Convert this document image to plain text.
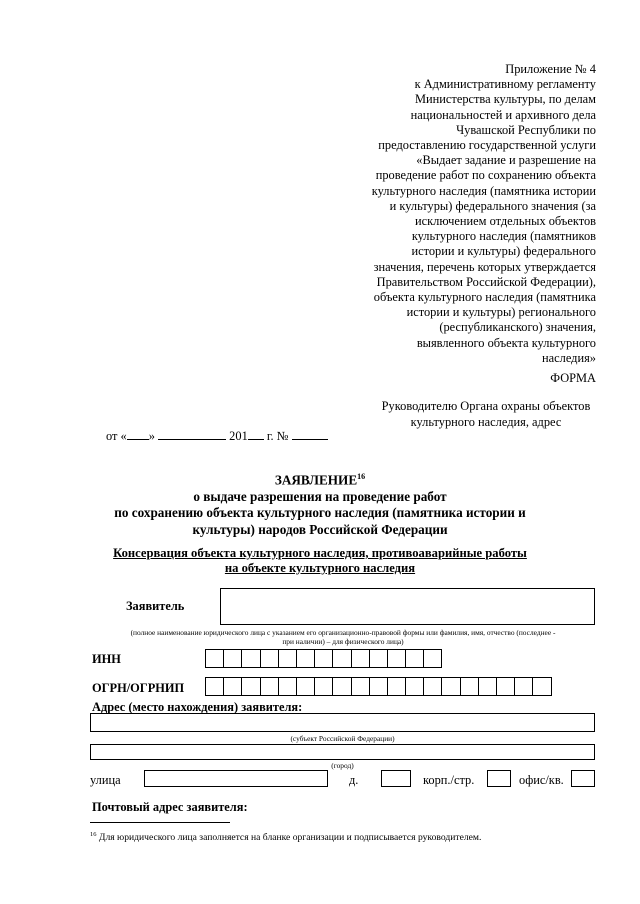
Приложение № 4

к Административному регламенту

Министерства культуры, по делам

национальностей и архивного дела

Чувашской Республики по

предоставлению государственной услуги

«Выдает задание и разрешение на

проведение работ по сохранению объекта

культурного наследия (памятника истории

и культуры) федерального значения (за

исключением отдельных объектов

культурного наследия (памятников

истории и культуры) федерального

значения, перечень которых утверждается

Правительством Российской Федерации),

объекта культурного наследия (памятника

истории и культуры) регионального

(республиканского) значения,

выявленного объекта культурного

наследия»

ФОРМА
Руководителю Органа охраны объектов
культурного наследия, адрес
от « »	201 г. №
ЗАЯВЛЕНИЕ$^{16}$
о выдаче разрешения на проведение работ
по сохранению объекта культурного наследия (памятника истории и
культуры) народов Российской Федерации
Консервация объекта культурного наследия, противоаварийные работы
на объекте культурного наследия
Заявитель
(полное наименование юридического лица с указанием его организационно-правовой формы или фамилия, имя, отчество (последнее -
при наличии) – для физического лица)
ИНН
ОГРН/ОГРНИП
Адрес (место нахождения) заявителя:
(субъект Российской Федерации)
(город)
улица	д.	корп./стр.	офис/кв.
Почтовый адрес заявителя:
$^{16}$ Для юридического лица заполняется на бланке организации и подписывается руководителем.
